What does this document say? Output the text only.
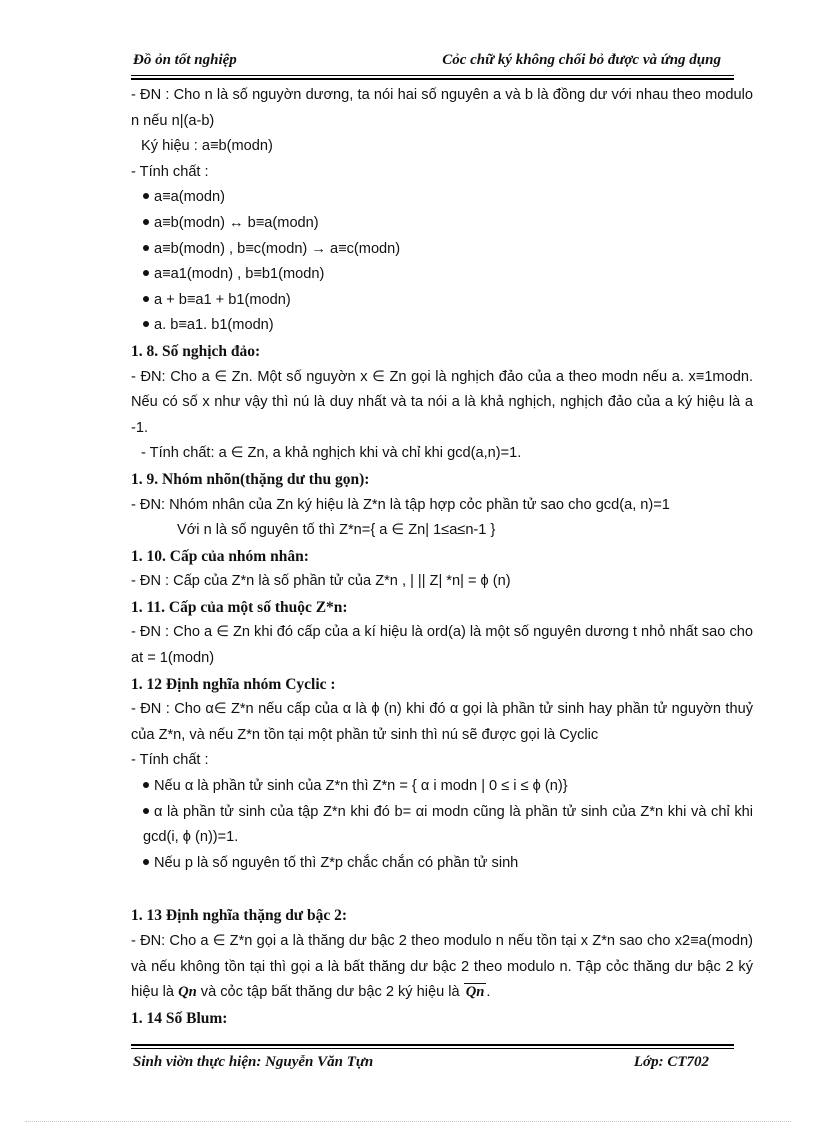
Đồ ỏn tốt nghiệp	Cỏc chữ ký không chối bỏ được và ứng dụng

- ĐN : Cho n là số nguyờn dương, ta nói hai số nguyên a và b là đồng dư với nhau theo modulo n nếu n|(a-b)

Ký hiệu : a≡b(modn)

- Tính chất :

a≡a(modn)

a≡b(modn) ↔ b≡a(modn)

a≡b(modn) , b≡c(modn) → a≡c(modn)

a≡a1(modn) , b≡b1(modn)

a + b≡a1 + b1(modn)

a. b≡a1. b1(modn)

1. 8. Số nghịch đảo:

- ĐN: Cho a ∈ Zn. Một số nguyờn x ∈ Zn gọi là nghịch đảo của a theo modn nếu a. x≡1modn. Nếu có số x như vậy thì nú là duy nhất và ta nói a là khả nghịch, nghịch đảo của a ký hiệu là a -1.

- Tính chất: a ∈ Zn, a khả nghịch khi và chỉ khi gcd(a,n)=1.

1. 9. Nhóm nhõn(thặng dư thu gọn):

- ĐN: Nhóm nhân của Zn ký hiệu là Z*n là tập hợp cỏc phần tử sao cho gcd(a, n)=1

Với n là số nguyên tố thì Z*n={ a ∈ Zn| 1≤a≤n-1 }

1. 10. Cấp của nhóm nhân:

- ĐN : Cấp của Z*n là số phần tử của Z*n , | || Z| *n| = ϕ (n)

1. 11. Cấp của một số thuộc Z*n:

- ĐN : Cho a ∈ Zn khi đó cấp của a kí hiệu là ord(a) là một số nguyên dương t nhỏ nhất sao cho at = 1(modn)

1. 12 Định nghĩa nhóm Cyclic :

- ĐN : Cho α∈ Z*n nếu cấp của α là ϕ (n) khi đó α gọi là phần tử sinh hay phần tử nguyờn thuỷ của Z*n, và nếu Z*n tồn tại một phần tử sinh thì nú sẽ được gọi là Cyclic

- Tính chất :

Nếu α là phần tử sinh của Z*n thì Z*n = { α i modn | 0 ≤ i ≤ ϕ (n)}

α là phần tử sinh của tập Z*n khi đó b= αi modn cũng là phần tử sinh của Z*n khi và chỉ khi gcd(i, ϕ (n))=1.

Nếu p là số nguyên tố thì Z*p chắc chắn có phần tử sinh

1. 13 Định nghĩa thặng dư bậc 2:

- ĐN: Cho a ∈ Z*n gọi a là thăng dư bậc 2 theo modulo n nếu tồn tại x Z*n sao cho x2≡a(modn) và nếu không tồn tại thì gọi a là bất thăng dư bậc 2 theo modulo n. Tập cỏc thăng dư bậc 2 ký hiệu là Qn và cỏc tập bất thăng dư bậc 2 ký hiệu là Qn .

1. 14 Số Blum:

Sinh viờn thực hiện: Nguyễn Văn Tựn	Lớp: CT702
